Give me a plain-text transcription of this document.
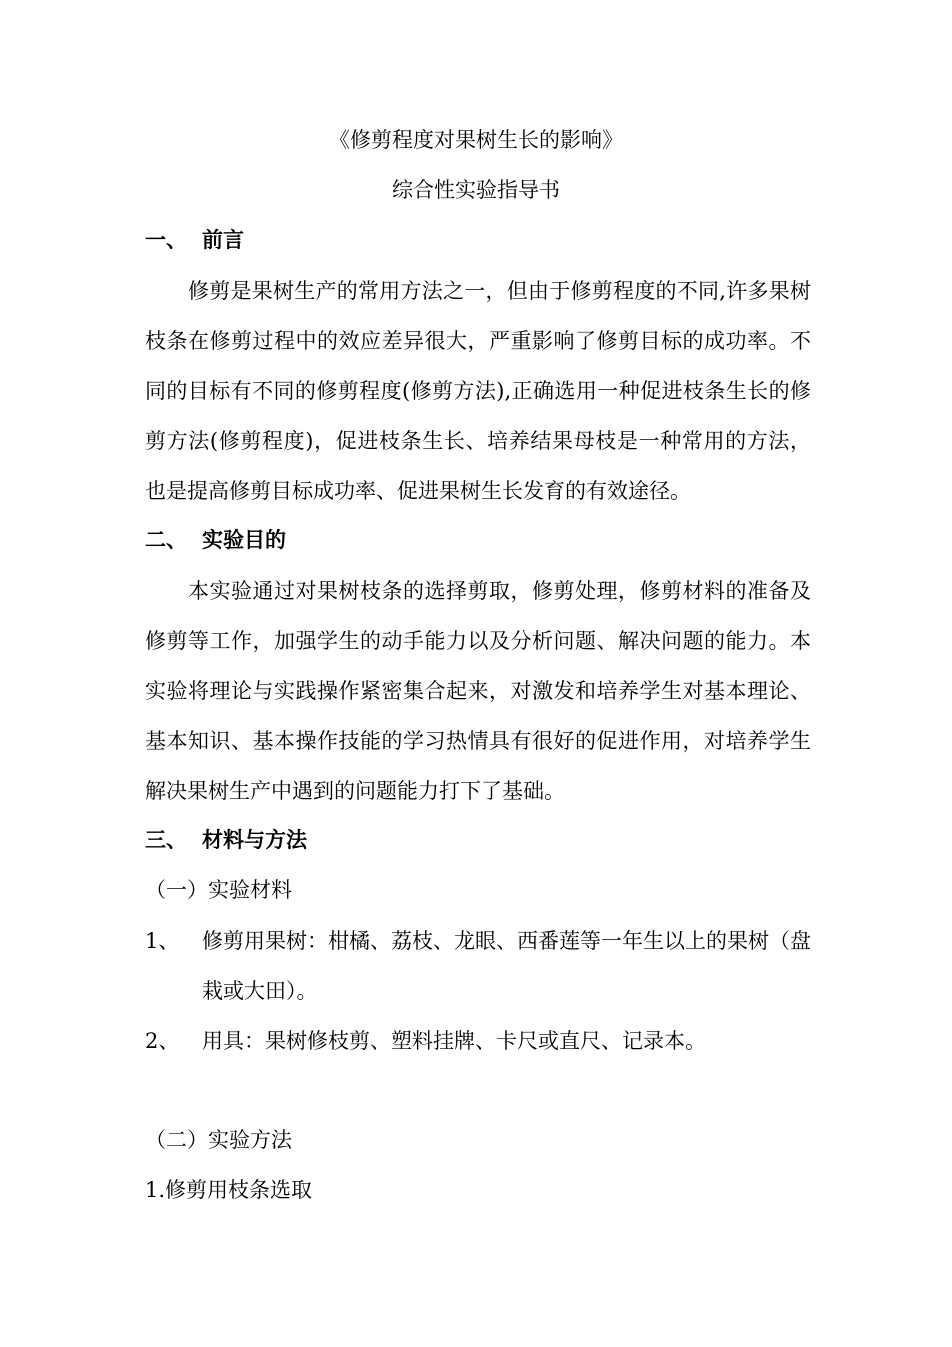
《修剪程度对果树生长的影响》
综合性实验指导书
一、 前言
修剪是果树生产的常用方法之一，但由于修剪程度的不同,许多果树枝条在修剪过程中的效应差异很大，严重影响了修剪目标的成功率。不同的目标有不同的修剪程度(修剪方法),正确选用一种促进枝条生长的修剪方法(修剪程度)，促进枝条生长、培养结果母枝是一种常用的方法，也是提高修剪目标成功率、促进果树生长发育的有效途径。
二、 实验目的
本实验通过对果树枝条的选择剪取，修剪处理，修剪材料的准备及修剪等工作，加强学生的动手能力以及分析问题、解决问题的能力。本实验将理论与实践操作紧密集合起来，对激发和培养学生对基本理论、基本知识、基本操作技能的学习热情具有很好的促进作用，对培养学生解决果树生产中遇到的问题能力打下了基础。
三、 材料与方法
（一）实验材料
1、 修剪用果树：柑橘、荔枝、龙眼、西番莲等一年生以上的果树（盘栽或大田）。
2、 用具：果树修枝剪、塑料挂牌、卡尺或直尺、记录本。
（二）实验方法
1.修剪用枝条选取
